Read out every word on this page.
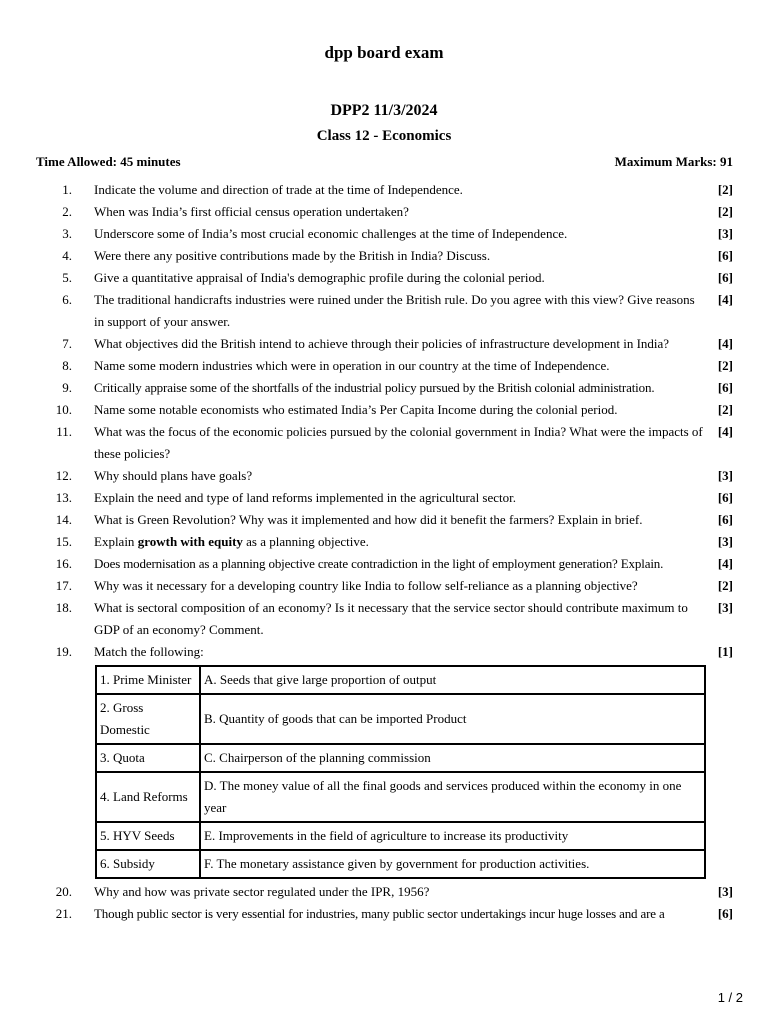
dpp board exam
DPP2 11/3/2024
Class 12 - Economics
Time Allowed: 45 minutes	Maximum Marks: 91
1. Indicate the volume and direction of trade at the time of Independence.	[2]
2. When was India’s first official census operation undertaken?	[2]
3. Underscore some of India’s most crucial economic challenges at the time of Independence.	[3]
4. Were there any positive contributions made by the British in India? Discuss.	[6]
5. Give a quantitative appraisal of India's demographic profile during the colonial period.	[6]
6. The traditional handicrafts industries were ruined under the British rule. Do you agree with this view? Give reasons in support of your answer.
[4]
7. What objectives did the British intend to achieve through their policies of infrastructure development in India?	[4]
8. Name some modern industries which were in operation in our country at the time of Independence.	[2]
9. Critically appraise some of the shortfalls of the industrial policy pursued by the British colonial administration.	[6]
10. Name some notable economists who estimated India’s Per Capita Income during the colonial period.	[2]
11. What was the focus of the economic policies pursued by the colonial government in India? What were the impacts of these policies?
[4]
12. Why should plans have goals?	[3]
13. Explain the need and type of land reforms implemented in the agricultural sector.	[6]
14. What is Green Revolution? Why was it implemented and how did it benefit the farmers? Explain in brief.	[6]
15. Explain growth with equity as a planning objective.	[3]
16. Does modernisation as a planning objective create contradiction in the light of employment generation? Explain.	[4]
17. Why was it necessary for a developing country like India to follow self-reliance as a planning objective?	[2]
18. What is sectoral composition of an economy? Is it necessary that the service sector should contribute maximum to GDP of an economy? Comment.
[3]
19. Match the following:	[1]
1. Prime Minister	A. Seeds that give large proportion of output
2. Gross Domestic	B. Quantity of goods that can be imported Product
3. Quota	C. Chairperson of the planning commission
4. Land Reforms	D. The money value of all the final goods and services produced within the economy in one year
5. HYV Seeds	E. Improvements in the field of agriculture to increase its productivity
6. Subsidy	F. The monetary assistance given by government for production activities.
20. Why and how was private sector regulated under the IPR, 1956?	[3]
21. Though public sector is very essential for industries, many public sector undertakings incur huge losses and are a	[6]
1 / 2
